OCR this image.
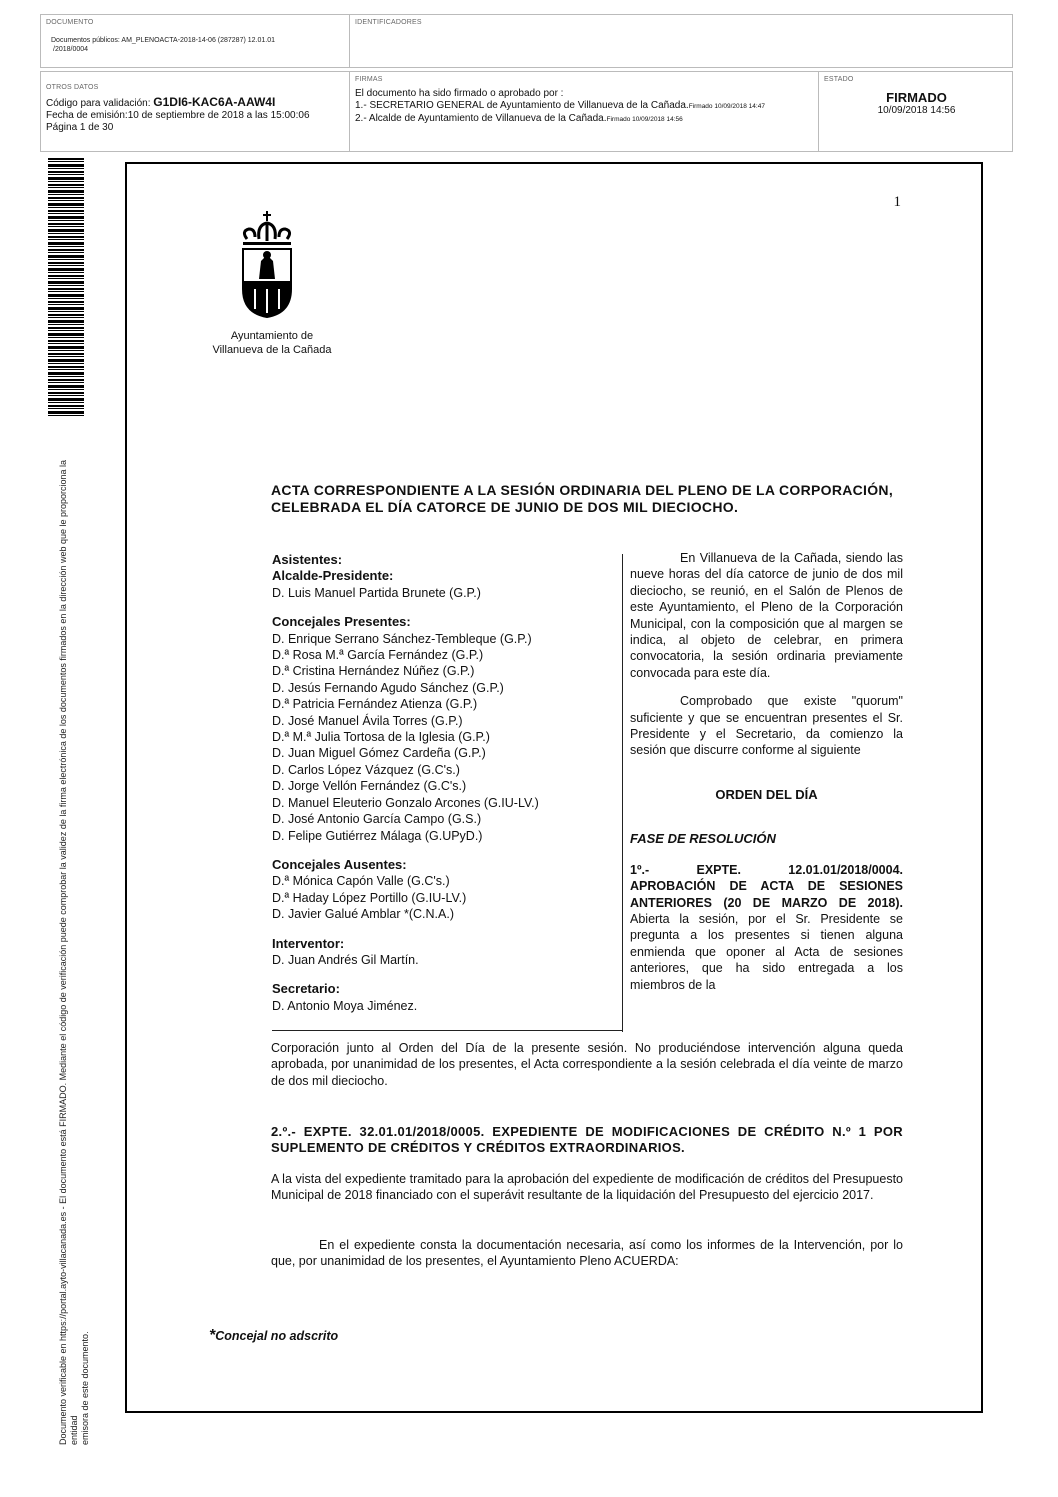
DOCUMENTO
Documentos públicos: AM_PLENOACTA-2018-14-06 (287287) 12.01.01
/2018/0004
IDENTIFICADORES
OTROS DATOS
Código para validación: G1DI6-KAC6A-AAW4I
Fecha de emisión:10 de septiembre de 2018 a las 15:00:06
Página 1 de 30
FIRMAS
El documento ha sido firmado o aprobado por :
1.- SECRETARIO GENERAL de Ayuntamiento de Villanueva de la Cañada.Firmado 10/09/2018 14:47
2.- Alcalde de Ayuntamiento de Villanueva de la Cañada.Firmado 10/09/2018 14:56
ESTADO
FIRMADO
10/09/2018 14:56
Documento verificable en https://portal.ayto-villacanada.es - El documento está FIRMADO. Mediante el código de verificación puede comprobar la validez de la firma electrónica de los documentos firmados en la dirección web que le proporciona la entidad emisora de este documento.
1
Ayuntamiento de
Villanueva de la Cañada
ACTA CORRESPONDIENTE A LA SESIÓN ORDINARIA DEL PLENO DE LA CORPORACIÓN,
CELEBRADA EL DÍA CATORCE DE JUNIO DE DOS MIL DIECIOCHO.
Asistentes:
Alcalde-Presidente:
D. Luis Manuel Partida Brunete (G.P.)
Concejales Presentes:
D. Enrique Serrano Sánchez-Tembleque (G.P.)
D.ª Rosa M.ª García Fernández (G.P.)
D.ª Cristina Hernández Núñez (G.P.)
D. Jesús Fernando Agudo Sánchez (G.P.)
D.ª Patricia Fernández Atienza (G.P.)
D. José Manuel Ávila Torres (G.P.)
D.ª M.ª Julia Tortosa de la Iglesia (G.P.)
D. Juan Miguel Gómez Cardeña (G.P.)
D. Carlos López Vázquez (G.C's.)
D. Jorge Vellón Fernández (G.C's.)
D. Manuel Eleuterio Gonzalo Arcones (G.IU-LV.)
D. José Antonio García Campo (G.S.)
D. Felipe Gutiérrez Málaga (G.UPyD.)
Concejales Ausentes:
D.ª Mónica Capón Valle (G.C's.)
D.ª Haday López Portillo (G.IU-LV.)
D. Javier Galué Amblar *(C.N.A.)
Interventor:
D. Juan Andrés Gil Martín.
Secretario:
D. Antonio Moya Jiménez.

En Villanueva de la Cañada, siendo las nueve horas del día catorce de junio de dos mil dieciocho, se reunió, en el Salón de Plenos de este Ayuntamiento, el Pleno de la Corporación Municipal, con la composición que al margen se indica, al objeto de celebrar, en primera convocatoria, la sesión ordinaria previamente convocada para este día.

Comprobado que existe "quorum" suficiente y que se encuentran presentes el Sr. Presidente y el Secretario, da comienzo la sesión que discurre conforme al siguiente

ORDEN DEL DÍA
FASE DE RESOLUCIÓN

1º.- EXPTE. 12.01.01/2018/0004. APROBACIÓN DE ACTA DE SESIONES ANTERIORES (20 DE MARZO DE 2018). Abierta la sesión, por el Sr. Presidente se pregunta a los presentes si tienen alguna enmienda que oponer al Acta de sesiones anteriores, que ha sido entregada a los miembros de la

Corporación junto al Orden del Día de la presente sesión. No produciéndose intervención alguna queda aprobada, por unanimidad de los presentes, el Acta correspondiente a la sesión celebrada el día veinte de marzo de dos mil dieciocho.
2.º.- EXPTE. 32.01.01/2018/0005. EXPEDIENTE DE MODIFICACIONES DE CRÉDITO N.º 1 POR SUPLEMENTO DE CRÉDITOS Y CRÉDITOS EXTRAORDINARIOS.
A la vista del expediente tramitado para la aprobación del expediente de modificación de créditos del Presupuesto Municipal de 2018 financiado con el superávit resultante de la liquidación del Presupuesto del ejercicio 2017.
En el expediente consta la documentación necesaria, así como los informes de la Intervención, por lo que, por unanimidad de los presentes, el Ayuntamiento Pleno ACUERDA:
*Concejal no adscrito
